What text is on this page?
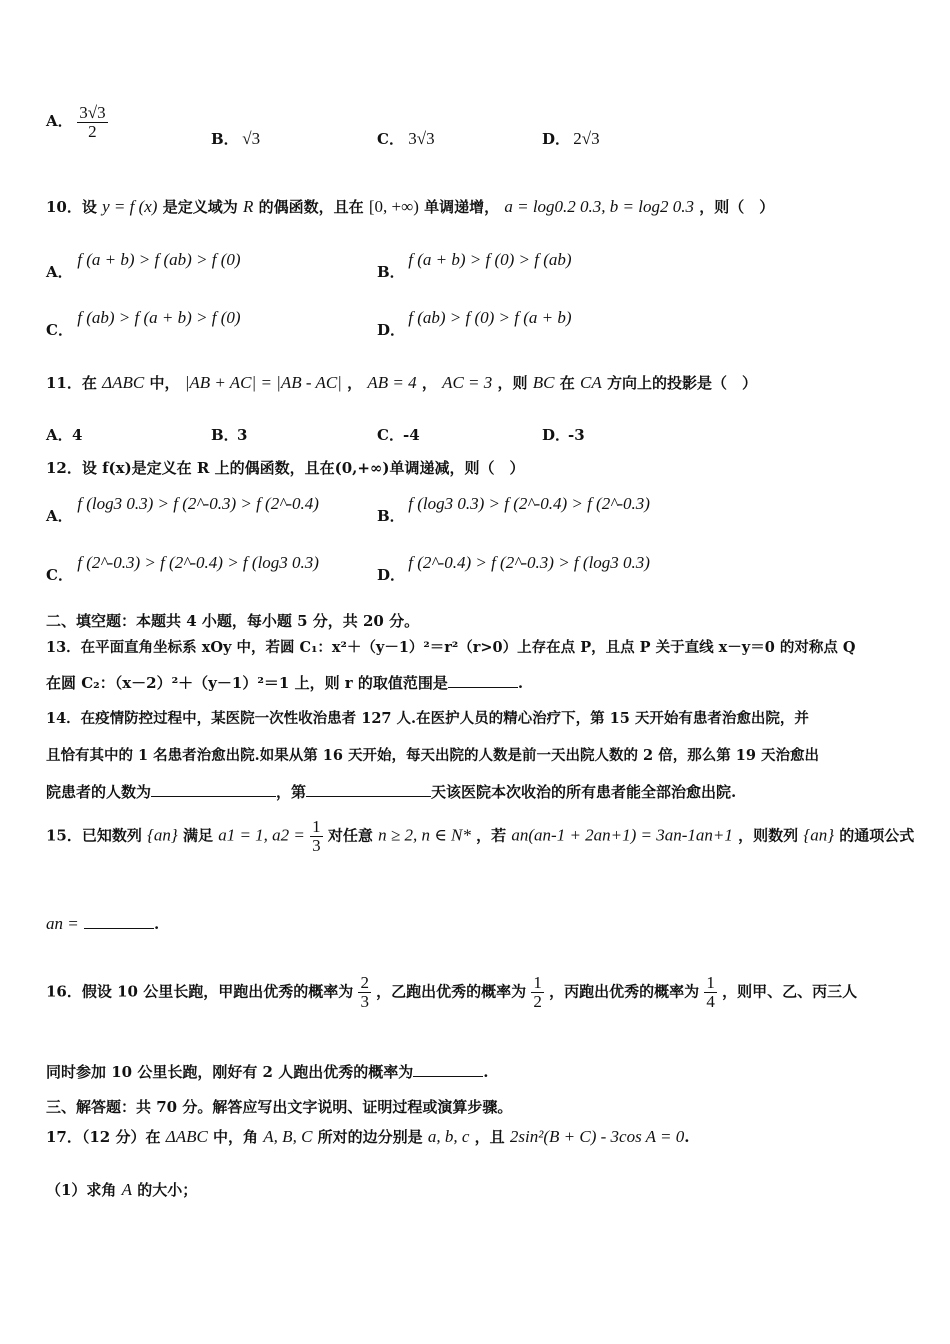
A． $\frac{3√3}{2}$	B． √3	C． 3√3	D． 2√3
10．设 y = f (x) 是定义域为 R 的偶函数，且在 [0, +∞) 单调递增， a = log0.2 0.3, b = log2 0.3 ，则（　）
A． f (a + b) > f (ab) > f (0)
B． f (a + b) > f (0) > f (ab)
C． f (ab) > f (a + b) > f (0)
D． f (ab) > f (0) > f (a + b)
11．在 ΔABC 中， |AB + AC| = |AB - AC| ， AB = 4 ， AC = 3 ，则 BC 在 CA 方向上的投影是（　）
A．4	B．3	C．-4	D．-3
12．设 f(x)是定义在 R 上的偶函数，且在(0,+∞)单调递减，则（　）
A． f (log3 0.3) > f (2^-0.3) > f (2^-0.4)
B． f (log3 0.3) > f (2^-0.4) > f (2^-0.3)
C． f (2^-0.3) > f (2^-0.4) > f (log3 0.3)
D． f (2^-0.4) > f (2^-0.3) > f (log3 0.3)
二、填空题：本题共 4 小题，每小题 5 分，共 20 分。
13．在平面直角坐标系 xOy 中，若圆 C₁：x²＋（y－1）²＝r²（r>0）上存在点 P，且点 P 关于直线 x－y＝0 的对称点 Q
在圆 C₂：（x－2）²＋（y－1）²＝1 上，则 r 的取值范围是	.
14．在疫情防控过程中，某医院一次性收治患者 127 人.在医护人员的精心治疗下，第 15 天开始有患者治愈出院，并
且恰有其中的 1 名患者治愈出院.如果从第 16 天开始，每天出院的人数是前一天出院人数的 2 倍，那么第 19 天治愈出
院患者的人数为	，第	天该医院本次收治的所有患者能全部治愈出院.
15．已知数列 {an} 满足 a1 = 1, $a2 = \frac{1}{3}$ 对任意 n ≥ 2, n ∈ N* ，若 an(an-1 + 2an+1) = 3an-1an+1 ，则数列 {an} 的通项公式
an =	.
16．假设 10 公里长跑，甲跑出优秀的概率为 $\frac{2}{3}$ ，乙跑出优秀的概率为 $\frac{1}{2}$ ，丙跑出优秀的概率为 $\frac{1}{4}$ ，则甲、乙、丙三人
同时参加 10 公里长跑，刚好有 2 人跑出优秀的概率为	.
三、解答题：共 70 分。解答应写出文字说明、证明过程或演算步骤。
17．（12 分）在 ΔABC 中，角 A, B, C 所对的边分别是 a, b, c ，且 2sin²(B + C) - 3cos A = 0.
（1）求角 A 的大小；
